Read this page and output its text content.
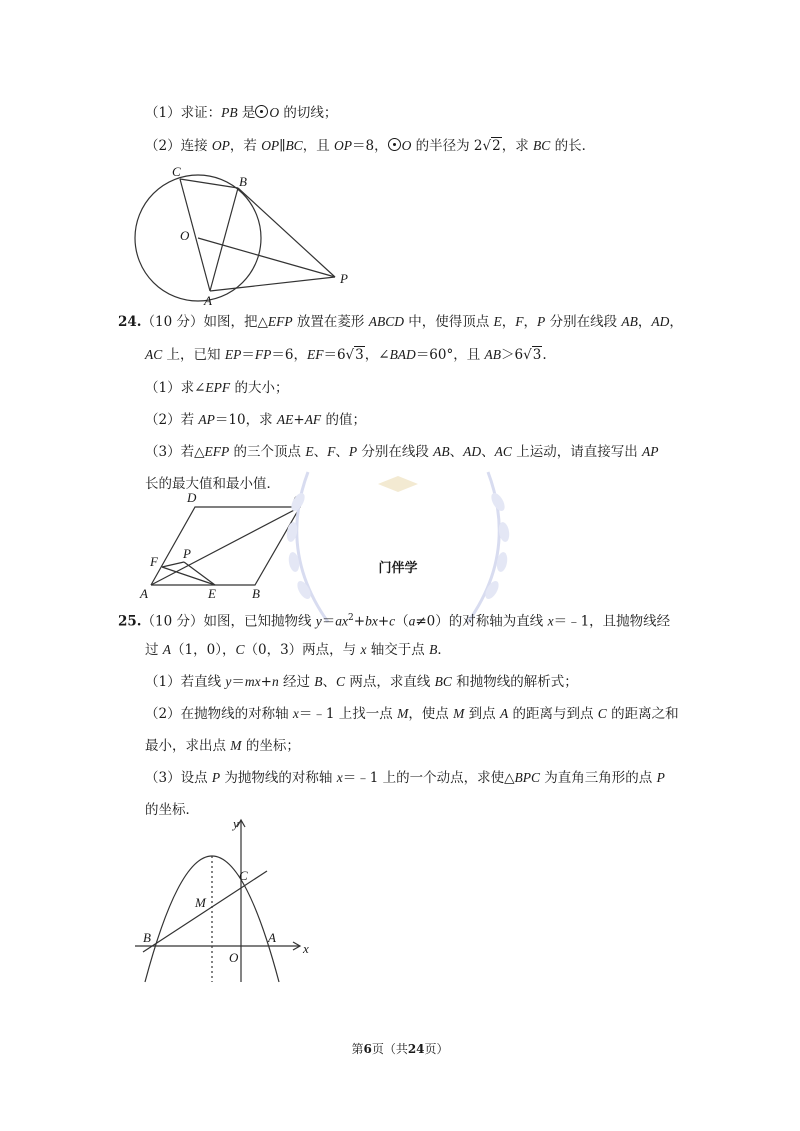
（1）求证：PB 是 O 的切线；
（2）连接 OP，若 OP∥BC，且 OP＝8， O 的半径为 2√2，求 BC 的长．
C
B
O
A
P
24.（10 分）如图，把△EFP 放置在菱形 ABCD 中，使得顶点 E，F，P 分别在线段 AB，AD，
AC 上，已知 EP＝FP＝6，EF＝6√3，∠BAD＝60°，且 AB＞6√3.
（1）求∠EPF 的大小；
（2）若 AP＝10，求 AE+AF 的值；
（3）若△EFP 的三个顶点 E、F、P 分别在线段 AB、AD、AC 上运动，请直接写出 AP
长的最大值和最小值．
D
F
P
A	E	B
门伴学
25.（10 分）如图，已知抛物线 $y=ax^2+bx+c(a\ne 0)$的对称轴为直线 x＝﹣1，且抛物线经
过 A（1，0），C（0，3）两点，与 x 轴交于点 B．
（1）若直线 y＝mx+n 经过 B、C 两点，求直线 BC 和抛物线的解析式；
（2）在抛物线的对称轴 x＝﹣1 上找一点 M，使点 M 到点 A 的距离与到点 C 的距离之和
最小，求出点 M 的坐标；
（3）设点 P 为抛物线的对称轴 x＝﹣1 上的一个动点，求使△BPC 为直角三角形的点 P
的坐标．
y
C
M
B
O
A
x
第6页（共24页）
